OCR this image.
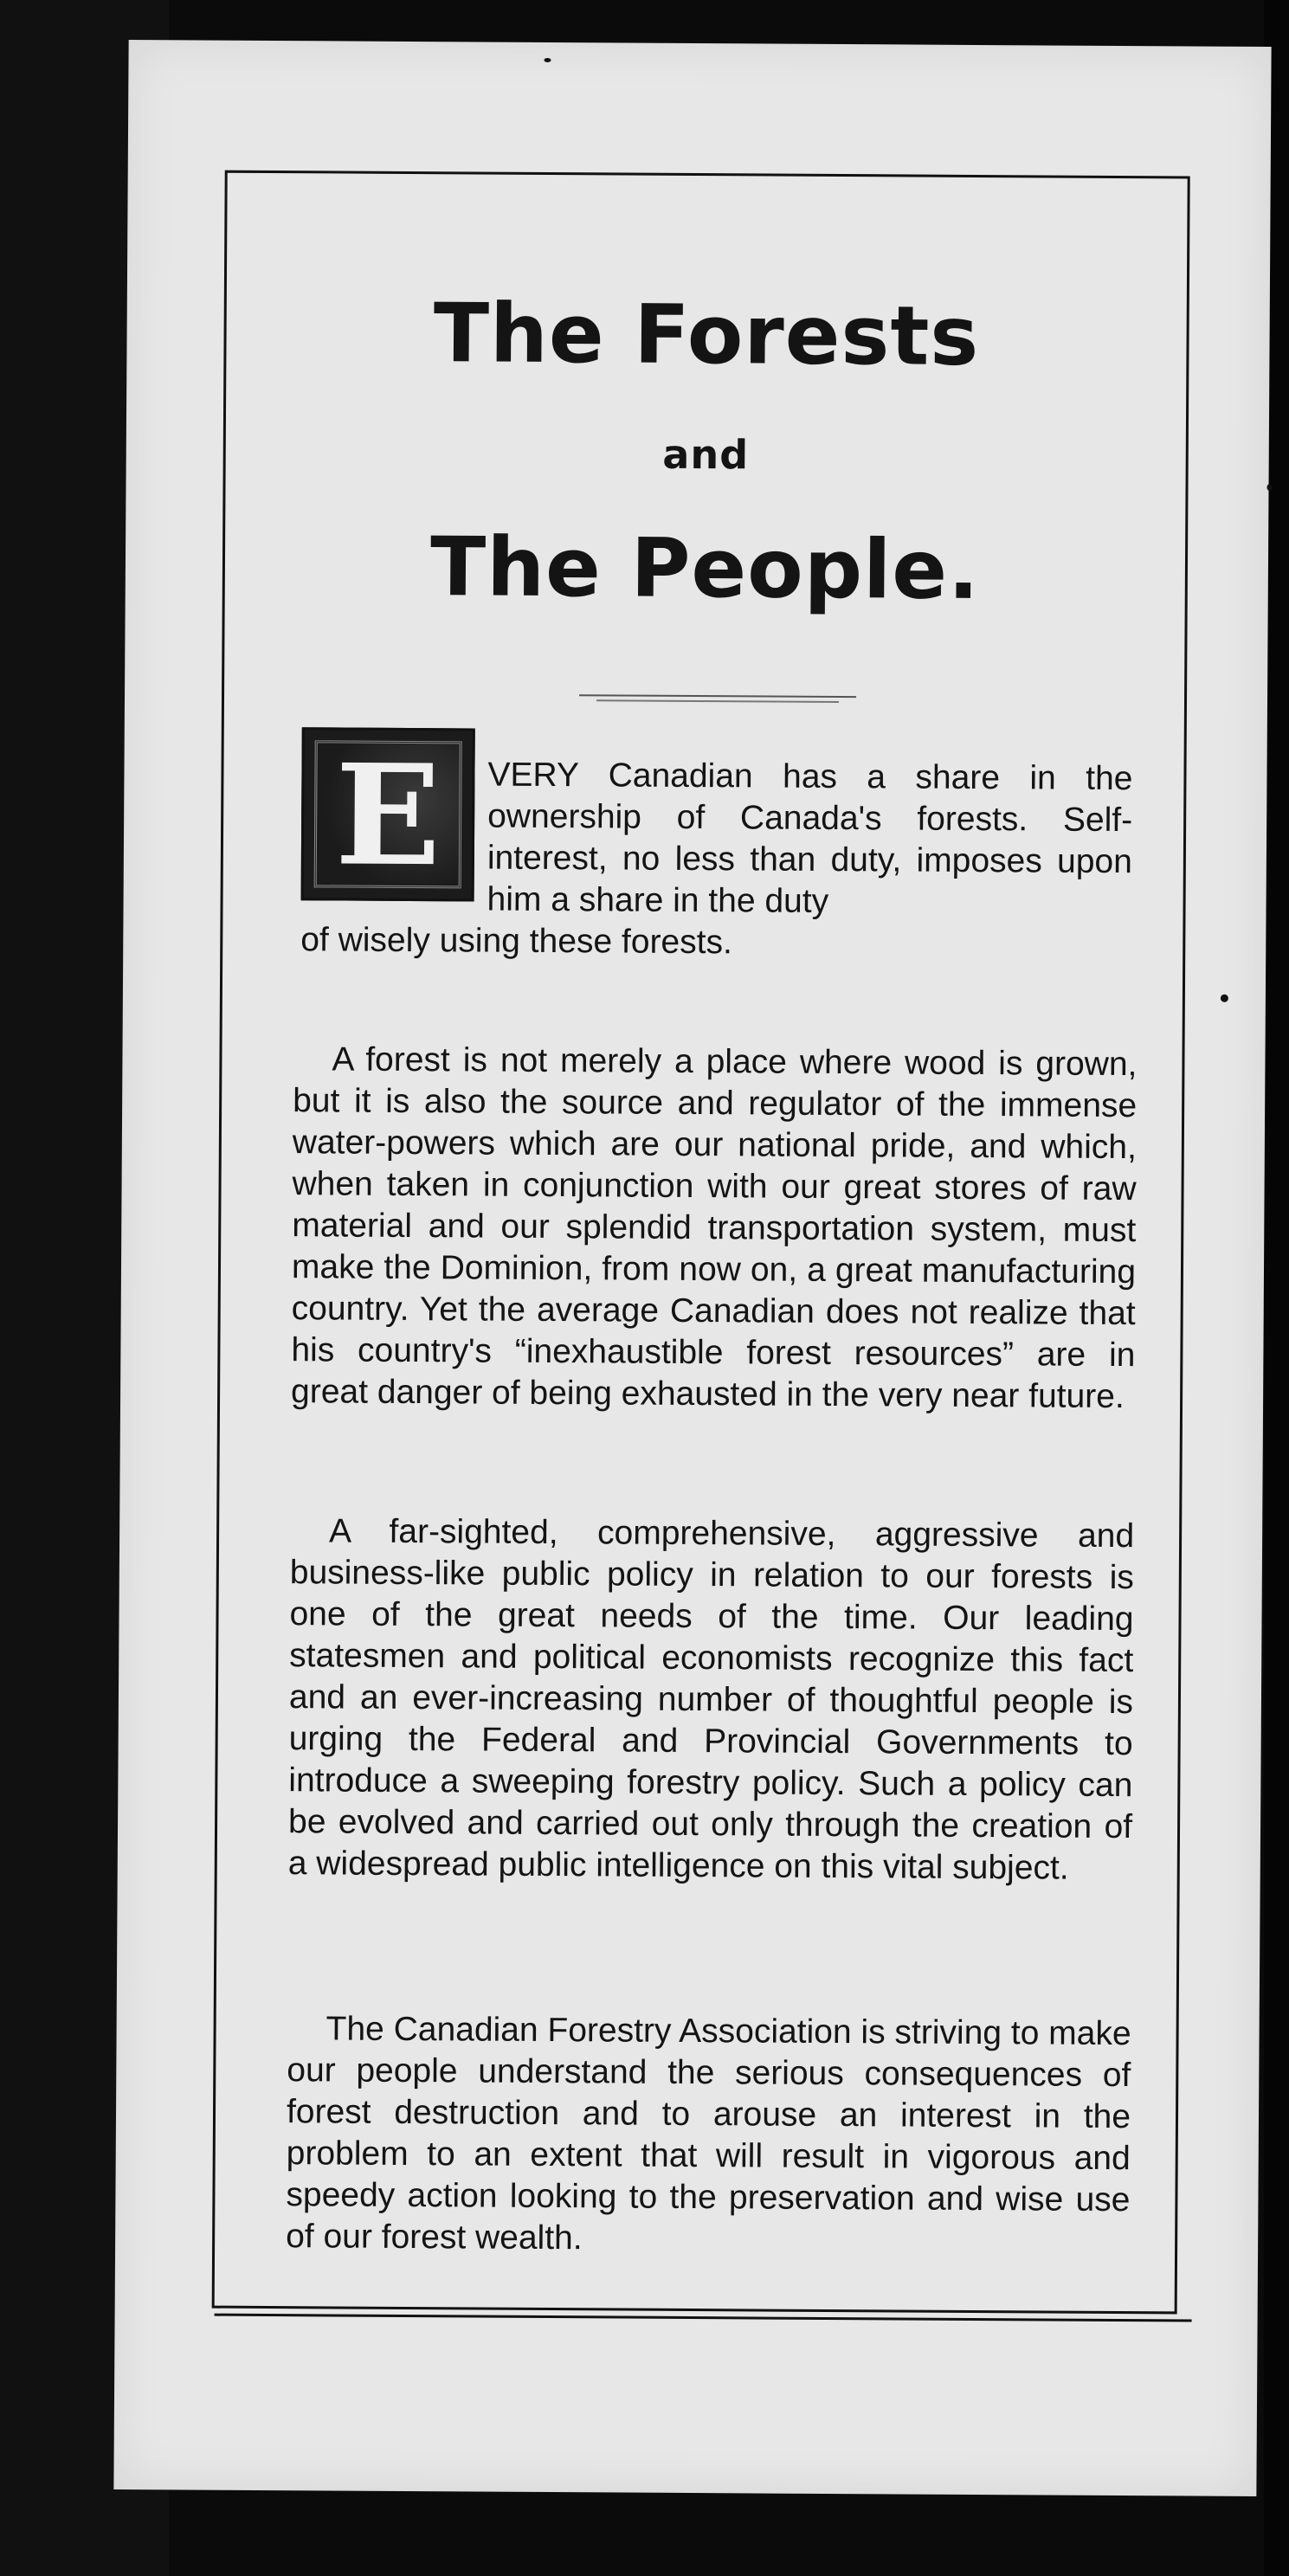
The Forests
and
The People.
E	VERY Canadian has a share in the ownership of Canada's forests. Self-interest, no less than duty, imposes upon him a share in the duty
of wisely using these forests.
A forest is not merely a place where wood is grown, but it is also the source and regulator of the immense water-powers which are our national pride, and which, when taken in conjunction with our great stores of raw material and our splendid transportation system, must make the Dominion, from now on, a great manufacturing country. Yet the average Canadian does not realize that his country's “inexhaustible forest resources” are in great danger of being exhausted in the very near future.
A far-sighted, comprehensive, aggressive and business-like public policy in relation to our forests is one of the great needs of the time. Our leading statesmen and political economists recognize this fact and an ever-increasing number of thoughtful people is urging the Federal and Provincial Governments to introduce a sweeping forestry policy. Such a policy can be evolved and carried out only through the creation of a widespread public intelligence on this vital subject.
The Canadian Forestry Association is striving to make our people understand the serious consequences of forest destruction and to arouse an interest in the problem to an extent that will result in vigorous and speedy action looking to the preservation and wise use of our forest wealth.
